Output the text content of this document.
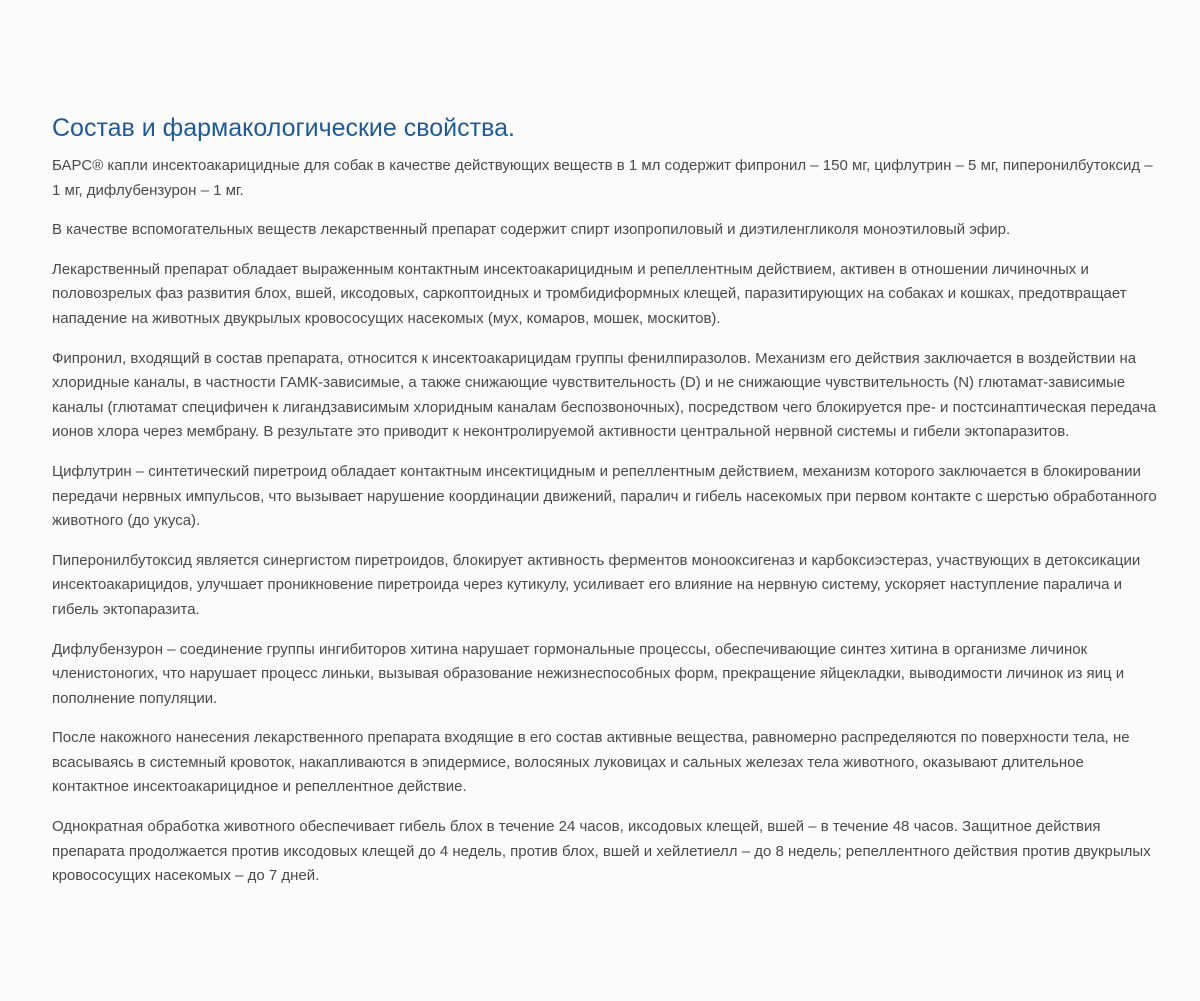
Состав и фармакологические свойства.

БАРС® капли инсектоакарицидные для собак в качестве действующих веществ в 1 мл содержит фипронил – 150 мг, цифлутрин – 5 мг, пиперонилбутоксид – 1 мг, дифлубензурон – 1 мг.

В качестве вспомогательных веществ лекарственный препарат содержит спирт изопропиловый и диэтиленгликоля моноэтиловый эфир.

Лекарственный препарат обладает выраженным контактным инсектоакарицидным и репеллентным действием, активен в отношении личиночных и половозрелых фаз развития блох, вшей, иксодовых, саркоптоидных и тромбидиформных клещей, паразитирующих на собаках и кошках, предотвращает нападение на животных двукрылых кровососущих насекомых (мух, комаров, мошек, москитов).

Фипронил, входящий в состав препарата, относится к инсектоакарицидам группы фенилпиразолов. Механизм его действия заключается в воздействии на хлоридные каналы, в частности ГАМК-зависимые, а также снижающие чувствительность (D) и не снижающие чувствительность (N) глютамат-зависимые каналы (глютамат специфичен к лигандзависимым хлоридным каналам беспозвоночных), посредством чего блокируется пре- и постсинаптическая передача ионов хлора через мембрану. В результате это приводит к неконтролируемой активности центральной нервной системы и гибели эктопаразитов.

Цифлутрин – синтетический пиретроид обладает контактным инсектицидным и репеллентным действием, механизм которого заключается в блокировании передачи нервных импульсов, что вызывает нарушение координации движений, паралич и гибель насекомых при первом контакте с шерстью обработанного животного (до укуса).

Пиперонилбутоксид является синергистом пиретроидов, блокирует активность ферментов монооксигеназ и карбоксиэстераз, участвующих в детоксикации инсектоакарицидов, улучшает проникновение пиретроида через кутикулу, усиливает его влияние на нервную систему, ускоряет наступление паралича и гибель эктопаразита.

Дифлубензурон – соединение группы ингибиторов хитина нарушает гормональные процессы, обеспечивающие синтез хитина в организме личинок членистоногих, что нарушает процесс линьки, вызывая образование нежизнеспособных форм, прекращение яйцекладки, выводимости личинок из яиц и пополнение популяции.

После накожного нанесения лекарственного препарата входящие в его состав активные вещества, равномерно распределяются по поверхности тела, не всасываясь в системный кровоток, накапливаются в эпидермисе, волосяных луковицах и сальных железах тела животного, оказывают длительное контактное инсектоакарицидное и репеллентное действие.

Однократная обработка животного обеспечивает гибель блох в течение 24 часов, иксодовых клещей, вшей – в течение 48 часов. Защитное действия препарата продолжается против иксодовых клещей до 4 недель, против блох, вшей и хейлетиелл – до 8 недель; репеллентного действия против двукрылых кровососущих насекомых – до 7 дней.
